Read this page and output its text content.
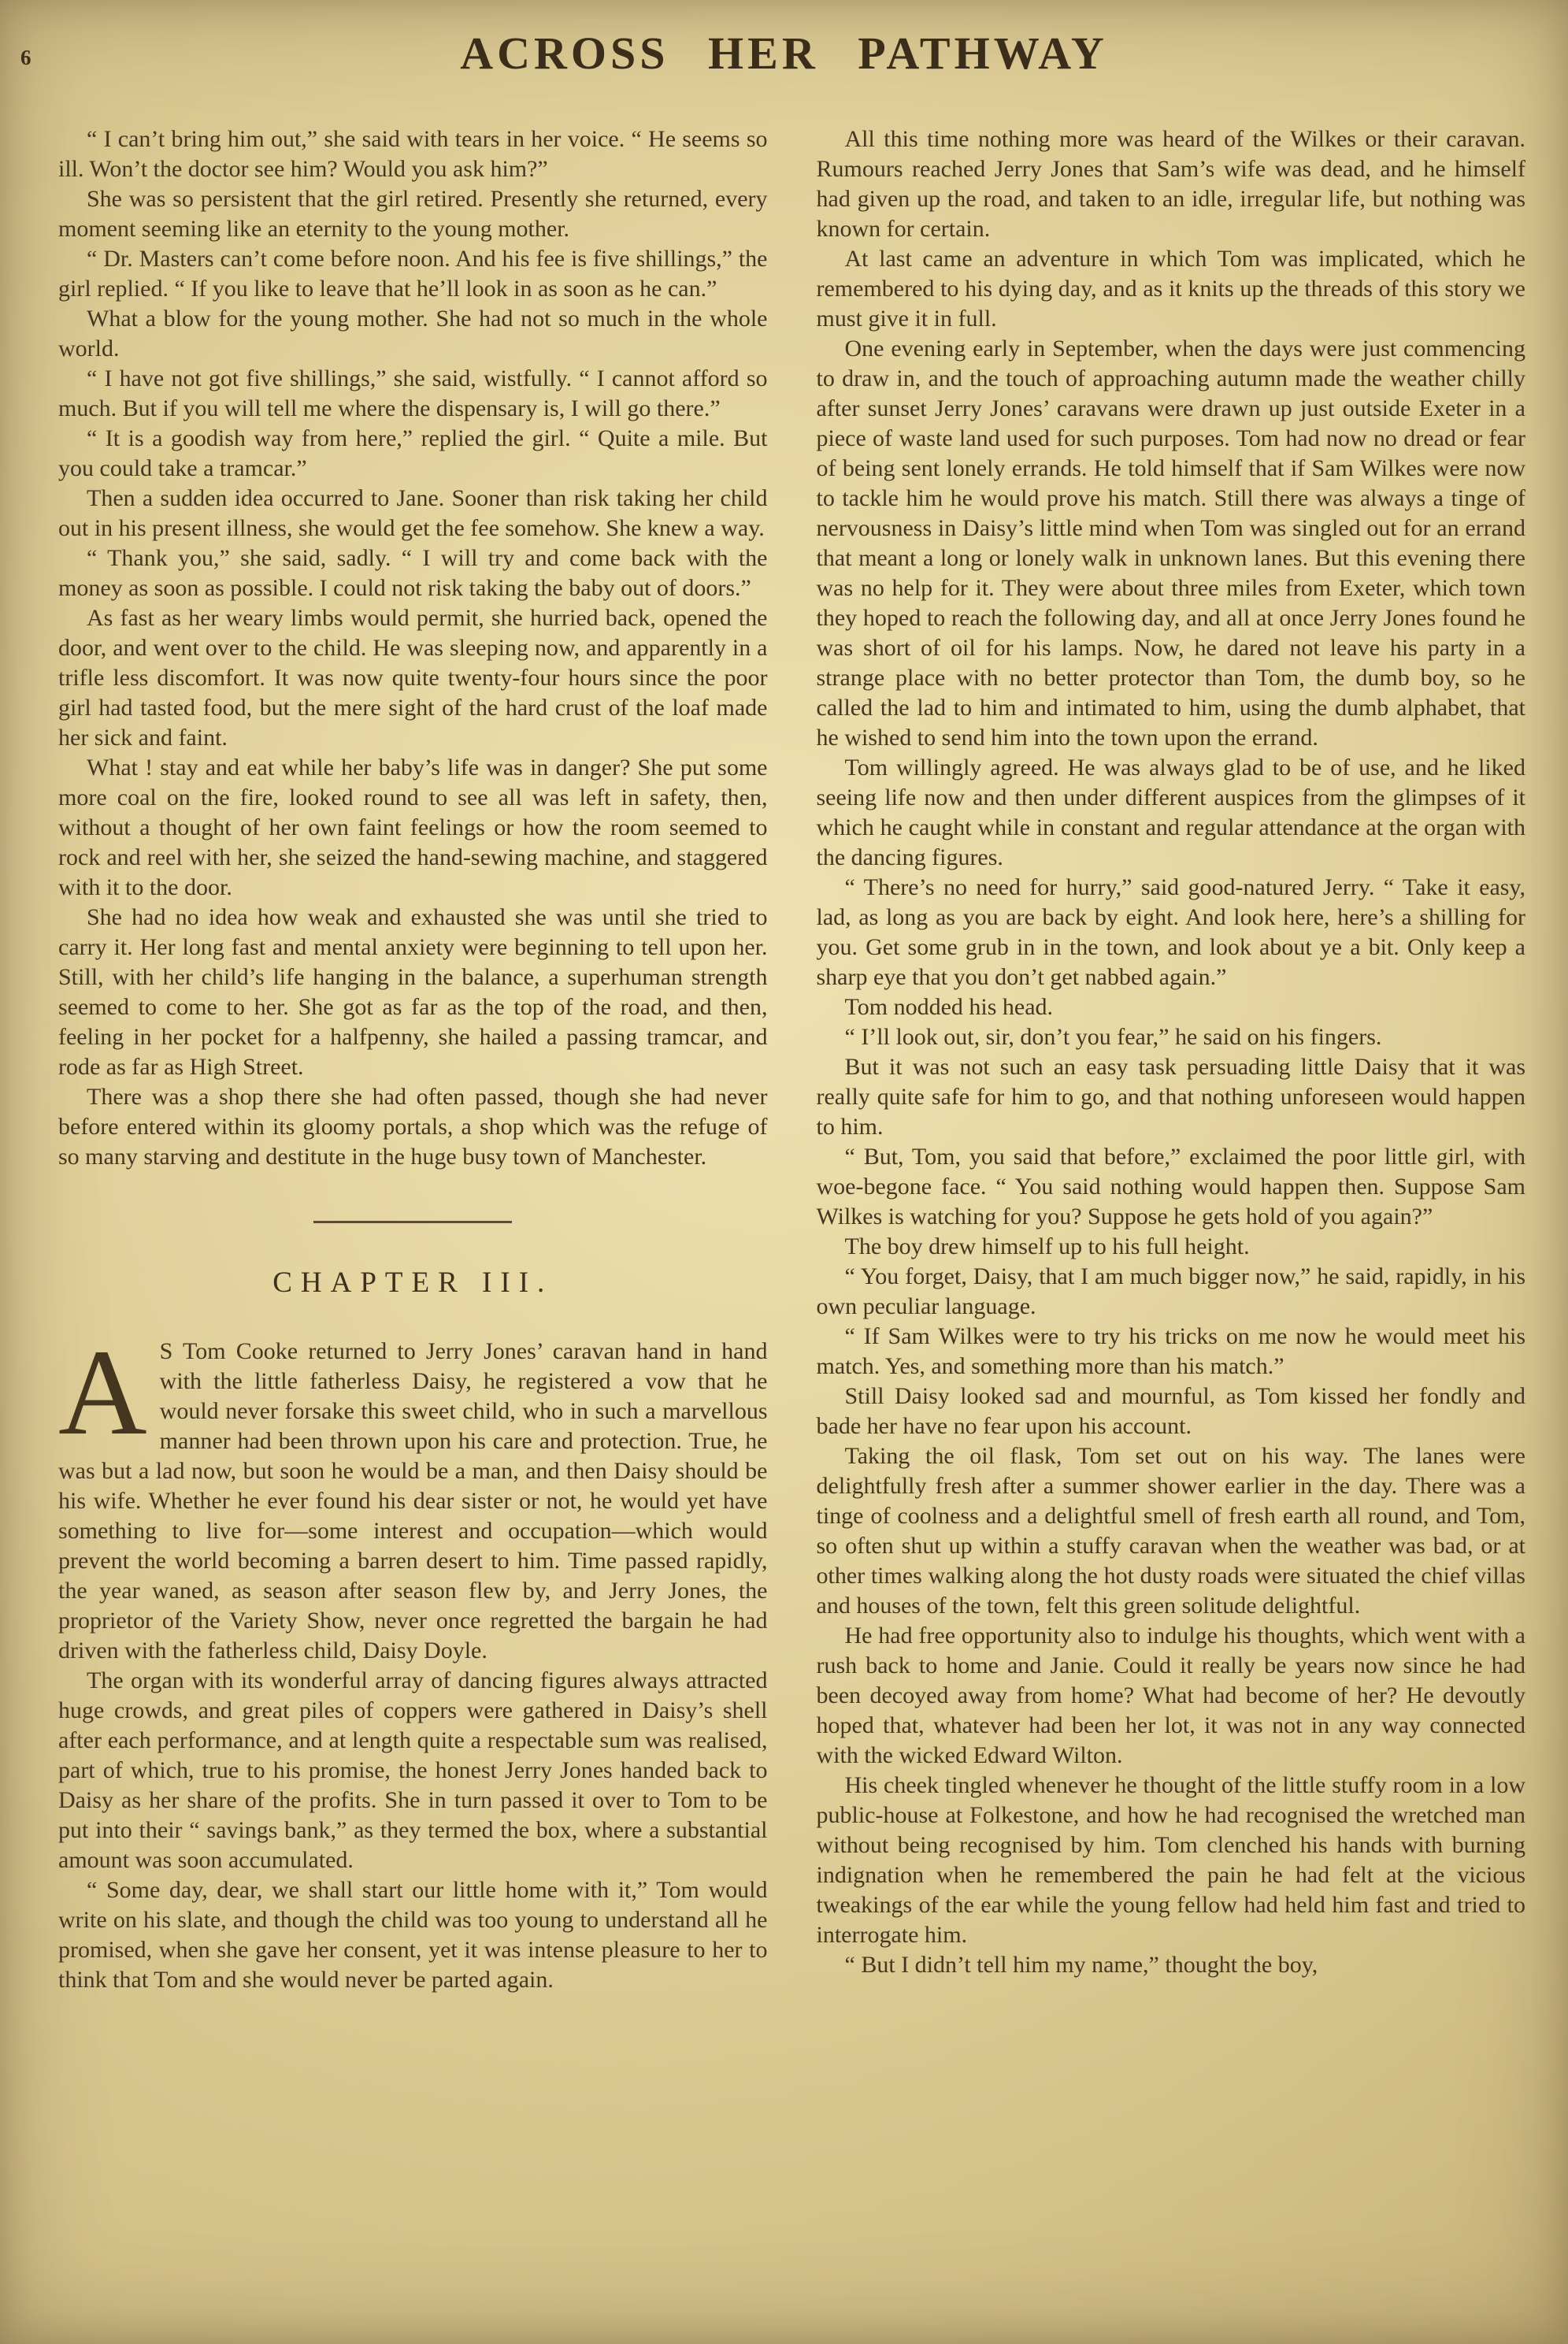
6	ACROSS HER PATHWAY

“ I can’t bring him out,” she said with tears in her voice. “ He seems so ill. Won’t the doctor see him? Would you ask him?”

She was so persistent that the girl retired. Presently she returned, every moment seeming like an eternity to the young mother.

“ Dr. Masters can’t come before noon. And his fee is five shillings,” the girl replied. “ If you like to leave that he’ll look in as soon as he can.”

What a blow for the young mother. She had not so much in the whole world.

“ I have not got five shillings,” she said, wistfully. “ I cannot afford so much. But if you will tell me where the dispensary is, I will go there.”

“ It is a goodish way from here,” replied the girl. “ Quite a mile. But you could take a tramcar.”

Then a sudden idea occurred to Jane. Sooner than risk taking her child out in his present illness, she would get the fee somehow. She knew a way.

“ Thank you,” she said, sadly. “ I will try and come back with the money as soon as possible. I could not risk taking the baby out of doors.”

As fast as her weary limbs would permit, she hurried back, opened the door, and went over to the child. He was sleeping now, and apparently in a trifle less discomfort. It was now quite twenty-four hours since the poor girl had tasted food, but the mere sight of the hard crust of the loaf made her sick and faint.

What ! stay and eat while her baby’s life was in danger? She put some more coal on the fire, looked round to see all was left in safety, then, without a thought of her own faint feelings or how the room seemed to rock and reel with her, she seized the hand-sewing machine, and staggered with it to the door.

She had no idea how weak and exhausted she was until she tried to carry it. Her long fast and mental anxiety were beginning to tell upon her. Still, with her child’s life hanging in the balance, a superhuman strength seemed to come to her. She got as far as the top of the road, and then, feeling in her pocket for a halfpenny, she hailed a passing tramcar, and rode as far as High Street.

There was a shop there she had often passed, though she had never before entered within its gloomy portals, a shop which was the refuge of so many starving and destitute in the huge busy town of Manchester.

CHAPTER III.

A S Tom Cooke returned to Jerry Jones’ caravan hand in hand with the little fatherless Daisy, he registered a vow that he would never forsake this sweet child, who in such a marvellous manner had been thrown upon his care and protection. True, he was but a lad now, but soon he would be a man, and then Daisy should be his wife. Whether he ever found his dear sister or not, he would yet have something to live for—some interest and occupation—which would prevent the world becoming a barren desert to him. Time passed rapidly, the year waned, as season after season flew by, and Jerry Jones, the proprietor of the Variety Show, never once regretted the bargain he had driven with the fatherless child, Daisy Doyle.

The organ with its wonderful array of dancing figures always attracted huge crowds, and great piles of coppers were gathered in Daisy’s shell after each performance, and at length quite a respectable sum was realised, part of which, true to his promise, the honest Jerry Jones handed back to Daisy as her share of the profits. She in turn passed it over to Tom to be put into their “ savings bank,” as they termed the box, where a substantial amount was soon accumulated.

“ Some day, dear, we shall start our little home with it,” Tom would write on his slate, and though the child was too young to understand all he promised, when she gave her consent, yet it was intense pleasure to her to think that Tom and she would never be parted again.

All this time nothing more was heard of the Wilkes or their caravan. Rumours reached Jerry Jones that Sam’s wife was dead, and he himself had given up the road, and taken to an idle, irregular life, but nothing was known for certain.

At last came an adventure in which Tom was implicated, which he remembered to his dying day, and as it knits up the threads of this story we must give it in full.

One evening early in September, when the days were just commencing to draw in, and the touch of approaching autumn made the weather chilly after sunset Jerry Jones’ caravans were drawn up just outside Exeter in a piece of waste land used for such purposes. Tom had now no dread or fear of being sent lonely errands. He told himself that if Sam Wilkes were now to tackle him he would prove his match. Still there was always a tinge of nervousness in Daisy’s little mind when Tom was singled out for an errand that meant a long or lonely walk in unknown lanes. But this evening there was no help for it. They were about three miles from Exeter, which town they hoped to reach the following day, and all at once Jerry Jones found he was short of oil for his lamps. Now, he dared not leave his party in a strange place with no better protector than Tom, the dumb boy, so he called the lad to him and intimated to him, using the dumb alphabet, that he wished to send him into the town upon the errand.

Tom willingly agreed. He was always glad to be of use, and he liked seeing life now and then under different auspices from the glimpses of it which he caught while in constant and regular attendance at the organ with the dancing figures.

“ There’s no need for hurry,” said good-natured Jerry. “ Take it easy, lad, as long as you are back by eight. And look here, here’s a shilling for you. Get some grub in in the town, and look about ye a bit. Only keep a sharp eye that you don’t get nabbed again.”

Tom nodded his head.

“ I’ll look out, sir, don’t you fear,” he said on his fingers.

But it was not such an easy task persuading little Daisy that it was really quite safe for him to go, and that nothing unforeseen would happen to him.

“ But, Tom, you said that before,” exclaimed the poor little girl, with woe-begone face. “ You said nothing would happen then. Suppose Sam Wilkes is watching for you? Suppose he gets hold of you again?”

The boy drew himself up to his full height.

“ You forget, Daisy, that I am much bigger now,” he said, rapidly, in his own peculiar language.

“ If Sam Wilkes were to try his tricks on me now he would meet his match. Yes, and something more than his match.”

Still Daisy looked sad and mournful, as Tom kissed her fondly and bade her have no fear upon his account.

Taking the oil flask, Tom set out on his way. The lanes were delightfully fresh after a summer shower earlier in the day. There was a tinge of coolness and a delightful smell of fresh earth all round, and Tom, so often shut up within a stuffy caravan when the weather was bad, or at other times walking along the hot dusty roads were situated the chief villas and houses of the town, felt this green solitude delightful.

He had free opportunity also to indulge his thoughts, which went with a rush back to home and Janie. Could it really be years now since he had been decoyed away from home? What had become of her? He devoutly hoped that, whatever had been her lot, it was not in any way connected with the wicked Edward Wilton.

His cheek tingled whenever he thought of the little stuffy room in a low public-house at Folkestone, and how he had recognised the wretched man without being recognised by him. Tom clenched his hands with burning indignation when he remembered the pain he had felt at the vicious tweakings of the ear while the young fellow had held him fast and tried to interrogate him.

“ But I didn’t tell him my name,” thought the boy,
